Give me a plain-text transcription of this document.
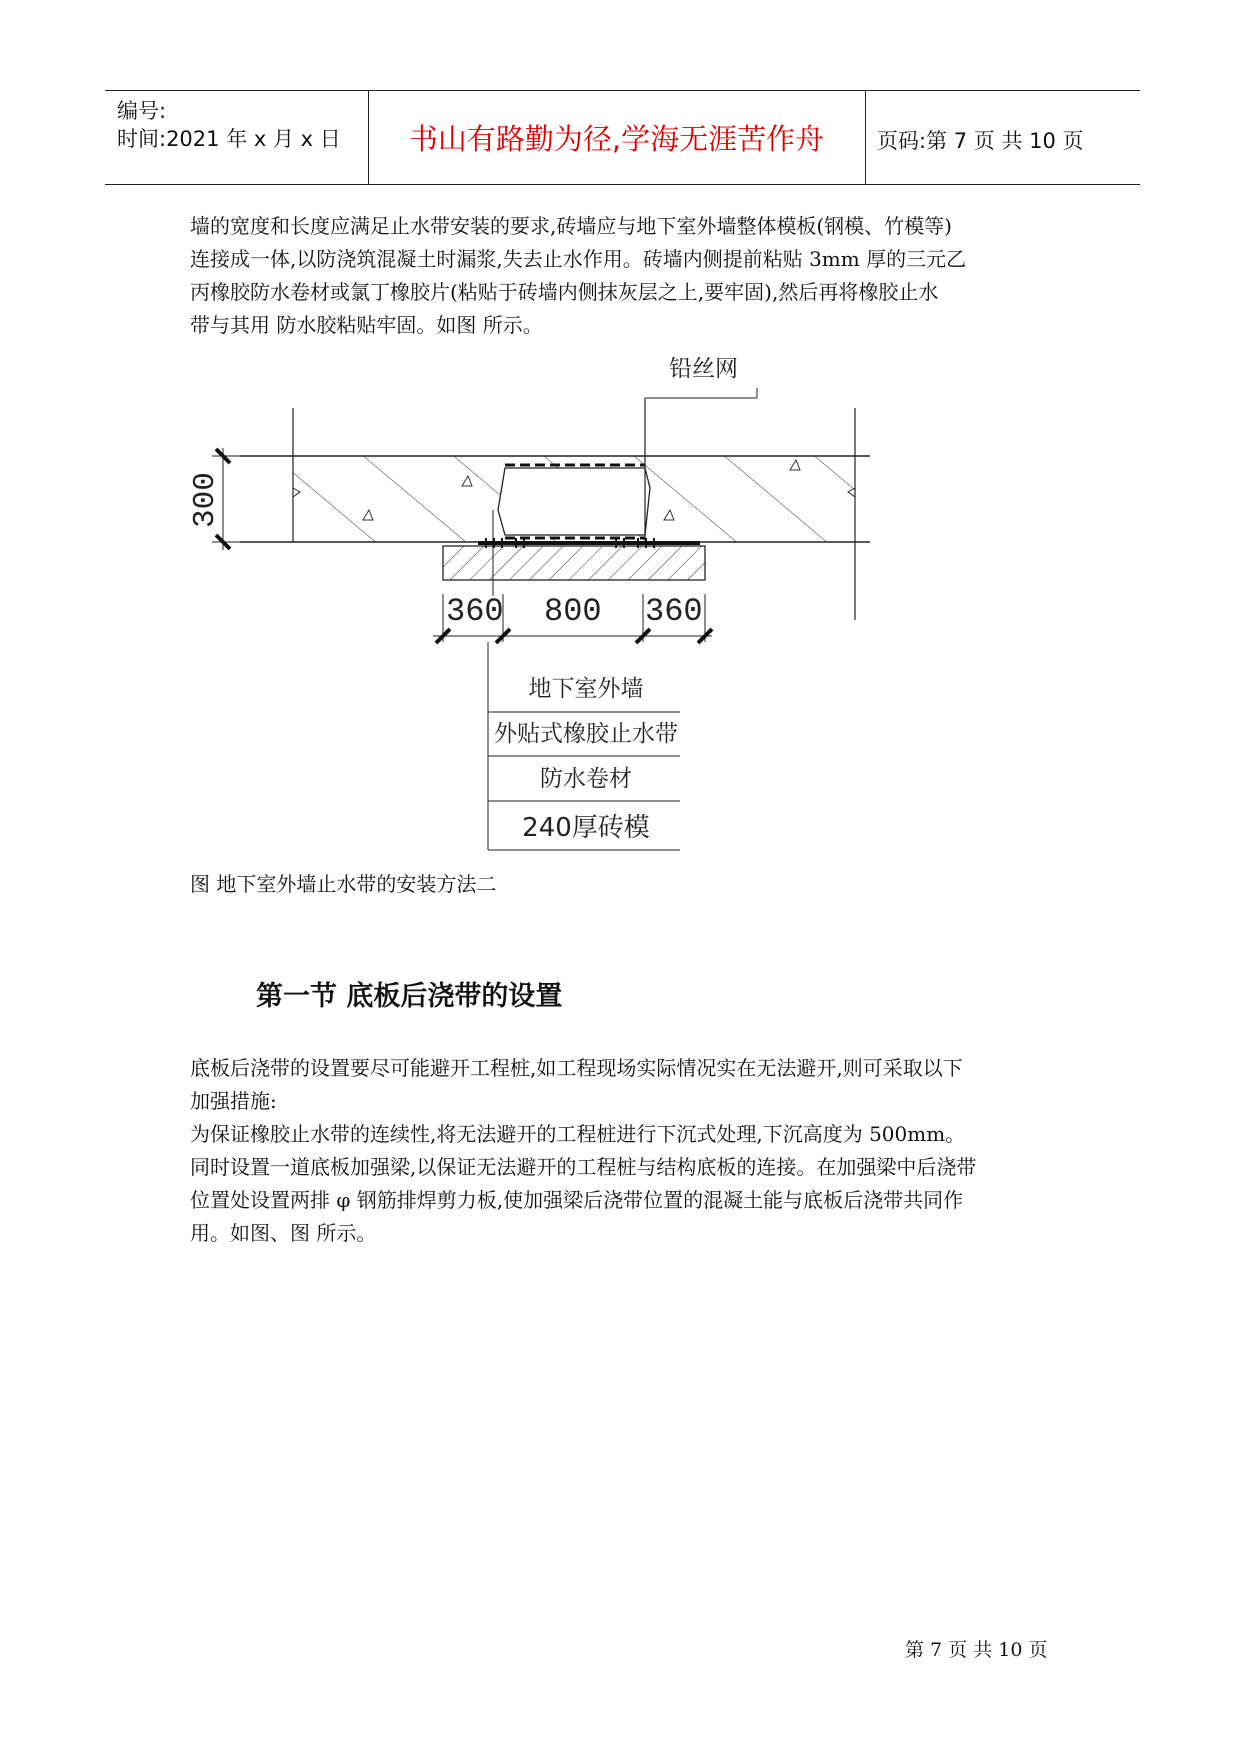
编号:
时间:2021 年 x 月 x 日	书山有路勤为径,学海无涯苦作舟	页码:第 7 页 共 10 页
墙的宽度和长度应满足止水带安装的要求,砖墙应与地下室外墙整体模板(钢模、竹模等)
连接成一体,以防浇筑混凝土时漏浆,失去止水作用。砖墙内侧提前粘贴 3mm 厚的三元乙
丙橡胶防水卷材或氯丁橡胶片(粘贴于砖墙内侧抹灰层之上,要牢固),然后再将橡胶止水
带与其用 防水胶粘贴牢固。如图 所示。
300
360 800 360
铅丝网
地下室外墙
外贴式橡胶止水带
防水卷材
240厚砖模
图 地下室外墙止水带的安装方法二
第一节 底板后浇带的设置
底板后浇带的设置要尽可能避开工程桩,如工程现场实际情况实在无法避开,则可采取以下
加强措施:
为保证橡胶止水带的连续性,将无法避开的工程桩进行下沉式处理,下沉高度为 500mm。
同时设置一道底板加强梁,以保证无法避开的工程桩与结构底板的连接。在加强梁中后浇带
位置处设置两排 φ 钢筋排焊剪力板,使加强梁后浇带位置的混凝土能与底板后浇带共同作
用。如图、图 所示。
第 7 页 共 10 页
